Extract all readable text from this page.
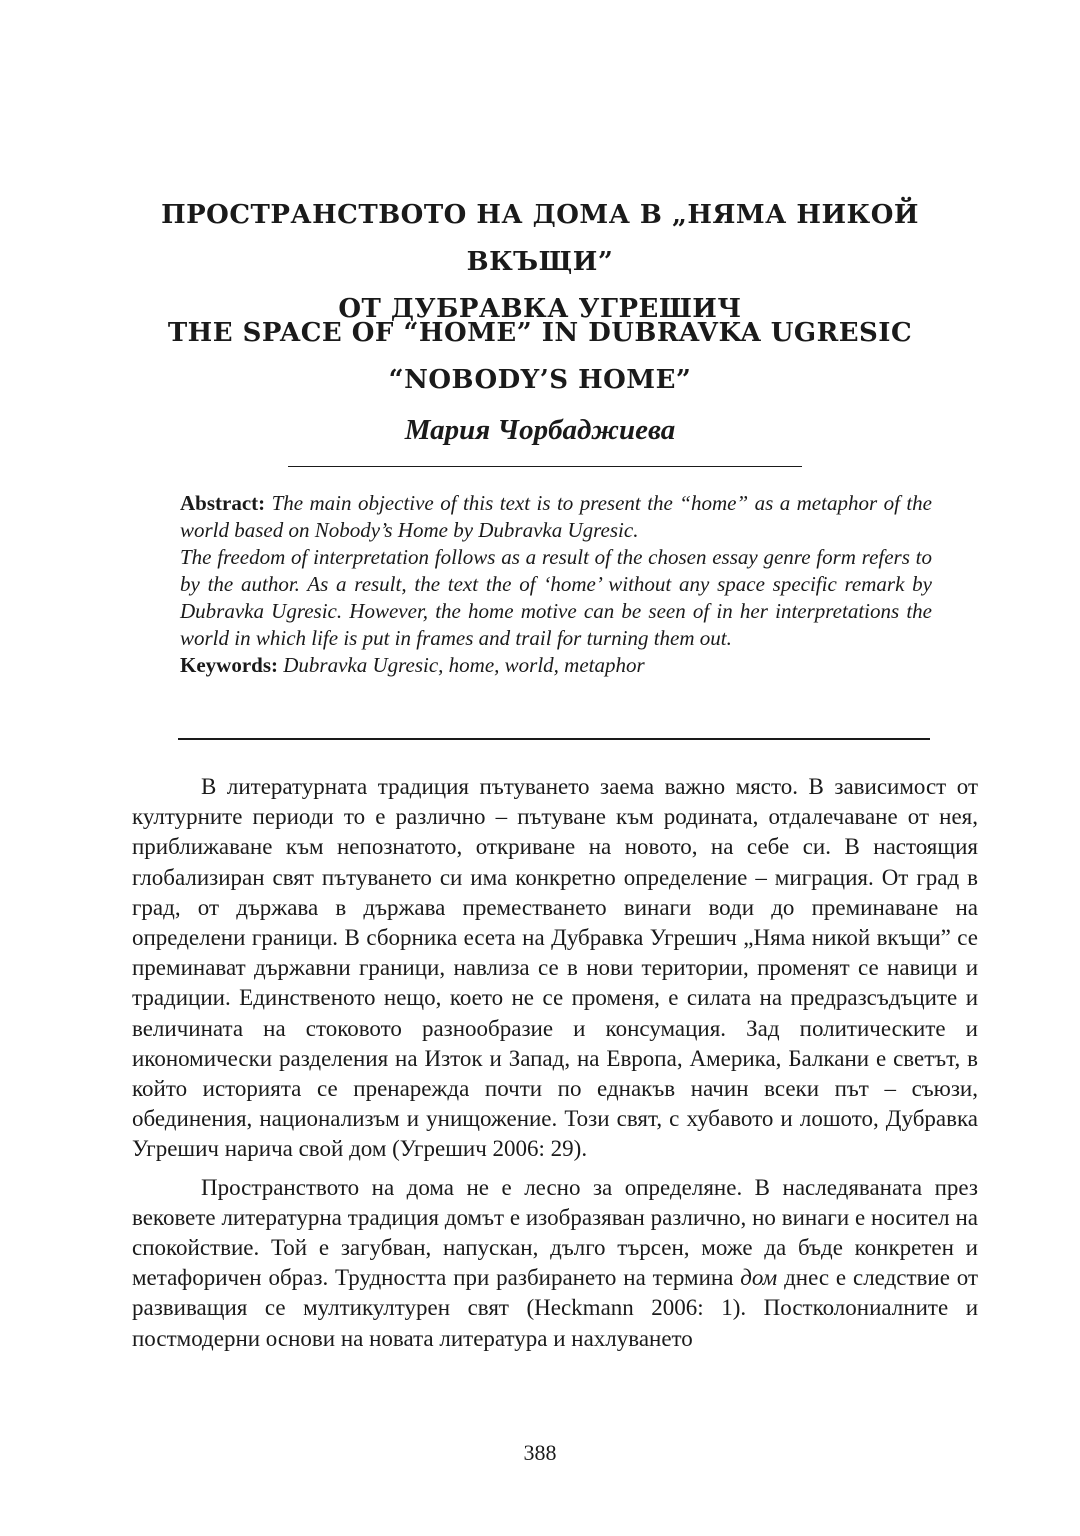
ПРОСТРАНСТВОТО НА ДОМА В „НЯМА НИКОЙ ВКЪЩИ”
ОТ ДУБРАВКА УГРЕШИЧ
THE SPACE OF “HOME” IN DUBRAVKA UGRESIC
“NOBODY’S HOME”
Мария Чорбаджиева

Abstract: The main objective of this text is to present the “home” as a metaphor of the world based on Nobody’s Home by Dubravka Ugresic.

The freedom of interpretation follows as a result of the chosen essay genre form refers to by the author. As a result, the text the of ‘home’ without any space specific remark by Dubravka Ugresic. However, the home motive can be seen of in her interpretations the world in which life is put in frames and trail for turning them out.

Keywords: Dubravka Ugresic, home, world, metaphor

В литературната традиция пътуването заема важно място. В зависимост от културните периоди то е различно – пътуване към родината, отдалечаване от нея, приближаване към непознатото, откриване на новото, на себе си. В настоящия глобализиран свят пътуването си има конкретно определение – миграция. От град в град, от държава в държава преместването винаги води до преминаване на определени граници. В сборника есета на Дубравка Угрешич „Няма никой вкъщи” се преминават държавни граници, навлиза се в нови територии, променят се навици и традиции. Единственото нещо, което не се променя, е силата на предразсъдъците и величината на стоковото разнообразие и консумация. Зад политическите и икономически разделения на Изток и Запад, на Европа, Америка, Балкани е светът, в който историята се пренарежда почти по еднакъв начин всеки път – съюзи, обединения, национализъм и унищожение. Този свят, с хубавото и лошото, Дубравка Угрешич нарича свой дом (Угрешич 2006: 29).

Пространството на дома не е лесно за определяне. В наследяваната през вековете литературна традиция домът е изобразяван различно, но винаги е носител на спокойствие. Той е загубван, напускан, дълго търсен, може да бъде конкретен и метафоричен образ. Трудността при разбирането на термина дом днес е следствие от развиващия се мултикултурен свят (Heckmann 2006: 1). Постколониалните и постмодерни основи на новата литература и нахлуването

388
